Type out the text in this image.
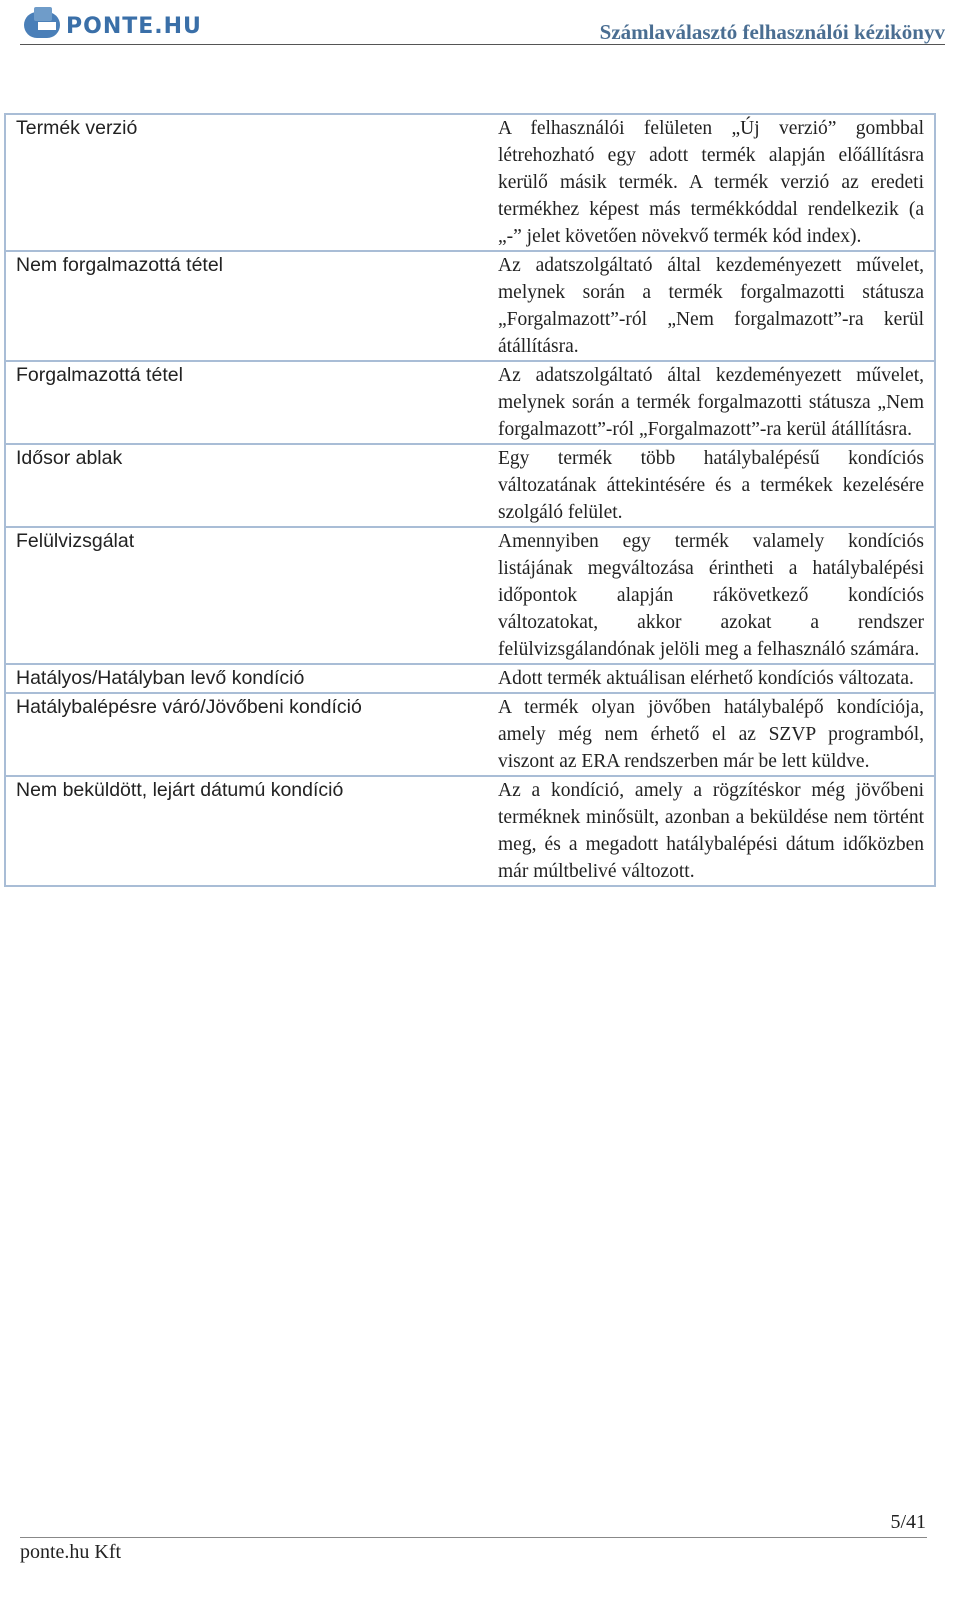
PONTE.HU	Számlaválasztó felhasználói kézikönyv
Termék verzió	A felhasználói felületen „Új verzió” gombbal létrehozható egy adott termék alapján előállításra kerülő másik termék. A termék verzió az eredeti termékhez képest más termékkóddal rendelkezik (a „-” jelet követően növekvő termék kód index).
Nem forgalmazottá tétel	Az adatszolgáltató által kezdeményezett művelet, melynek során a termék forgalmazotti státusza „Forgalmazott”-ról „Nem forgalmazott”-ra kerül átállításra.
Forgalmazottá tétel	Az adatszolgáltató által kezdeményezett művelet, melynek során a termék forgalmazotti státusza „Nem forgalmazott”-ról „Forgalmazott”-ra kerül átállításra.
Idősor ablak	Egy termék több hatálybalépésű kondíciós változatának áttekintésére és a termékek kezelésére szolgáló felület.
Felülvizsgálat	Amennyiben egy termék valamely kondíciós listájának megváltozása érintheti a hatálybalépési időpontok alapján rákövetkező kondíciós változatokat, akkor azokat a rendszer felülvizsgálandónak jelöli meg a felhasználó számára.
Hatályos/Hatályban levő kondíció	Adott termék aktuálisan elérhető kondíciós változata.
Hatálybalépésre váró/Jövőbeni kondíció	A termék olyan jövőben hatálybalépő kondíciója, amely még nem érhető el az SZVP programból, viszont az ERA rendszerben már be lett küldve.
Nem beküldött, lejárt dátumú kondíció	Az a kondíció, amely a rögzítéskor még jövőbeni terméknek minősült, azonban a beküldése nem történt meg, és a megadott hatálybalépési dátum időközben már múltbelivé változott.
5/41
ponte.hu Kft
